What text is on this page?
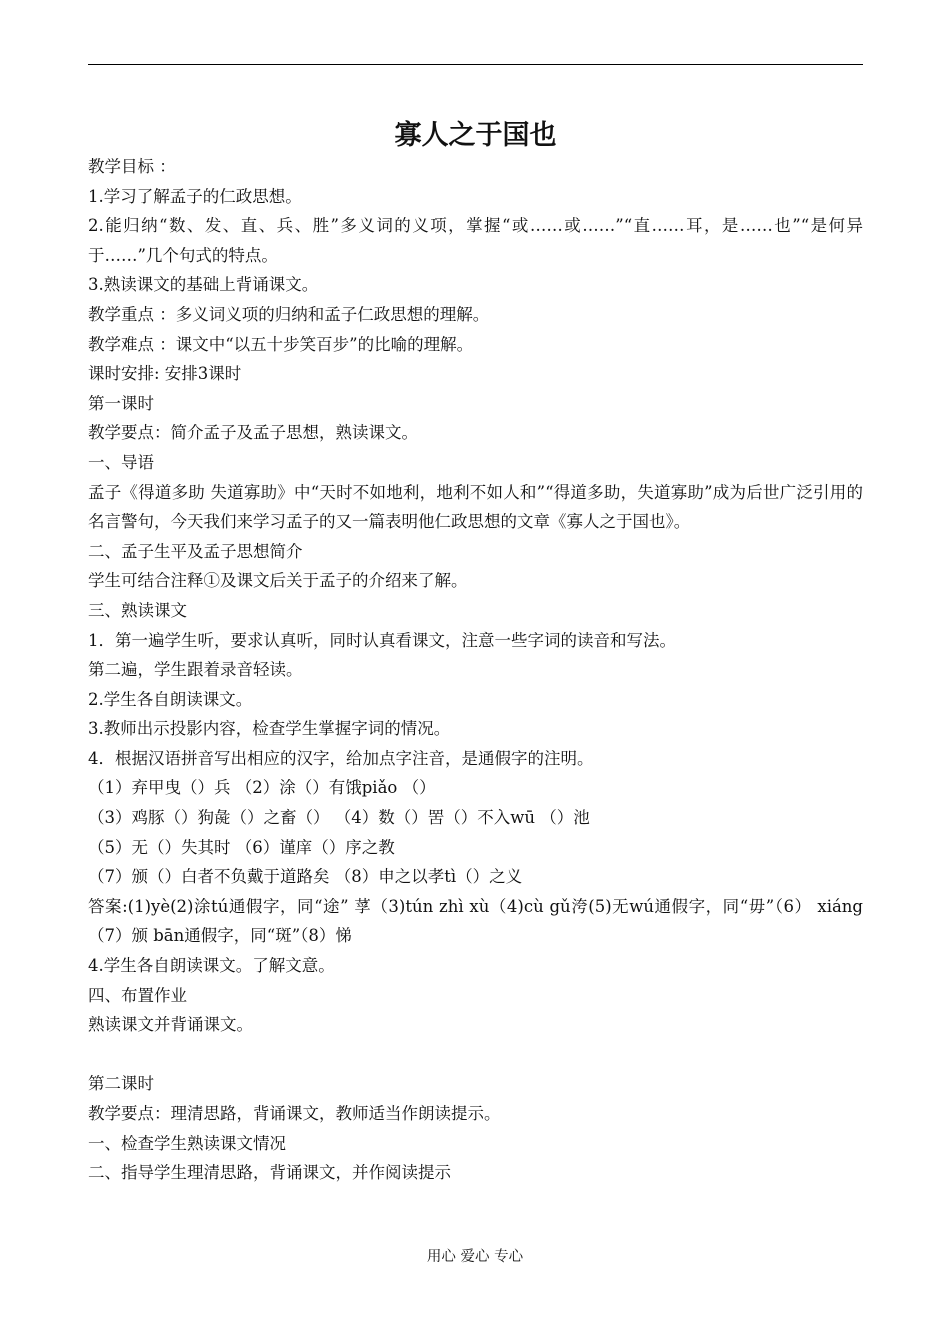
寡人之于国也
教学目标 ：
1.学习了解孟子的仁政思想。
2.能归纳“数、发、直、兵、胜”多义词的义项，掌握“或……或……”“直……耳，是……也”“是何异于……”几个句式的特点。
3.熟读课文的基础上背诵课文。
教学重点 ：多义词义项的归纳和孟子仁政思想的理解。
教学难点 ：课文中“以五十步笑百步”的比喻的理解。
课时安排: 安排3课时
第一课时
教学要点：简介孟子及孟子思想，熟读课文。
一、导语
孟子《得道多助 失道寡助》中“天时不如地利，地利不如人和”“得道多助，失道寡助”成为后世广泛引用的名言警句，今天我们来学习孟子的又一篇表明他仁政思想的文章《寡人之于国也》。
二、孟子生平及孟子思想简介
学生可结合注释①及课文后关于孟子的介绍来了解。
三、熟读课文
1．第一遍学生听，要求认真听，同时认真看课文，注意一些字词的读音和写法。
第二遍，学生跟着录音轻读。
2.学生各自朗读课文。
3.教师出示投影内容，检查学生掌握字词的情况。
4．根据汉语拼音写出相应的汉字，给加点字注音，是通假字的注明。
（1）弃甲曳（）兵 （2）涂（）有饿piǎo （）
（3）鸡豚（）狗彘（）之畜（） （4）数（）罟（）不入wū （）池
（5）无（）失其时 （6）谨庠（）序之教
（7）颁（）白者不负戴于道路矣 （8）申之以孝tì（）之义
答案:(1)yè(2)涂tú通假字，同“途” 莩（3)tún zhì xù（4)cù gǔ洿(5)无wú通假字，同“毋”（6） xiáng（7）颁 bān通假字，同“斑”（8）悌
4.学生各自朗读课文。了解文意。
四、布置作业
熟读课文并背诵课文。
第二课时
教学要点：理清思路，背诵课文，教师适当作朗读提示。
一、检查学生熟读课文情况
二、指导学生理清思路，背诵课文，并作阅读提示
用心 爱心 专心
